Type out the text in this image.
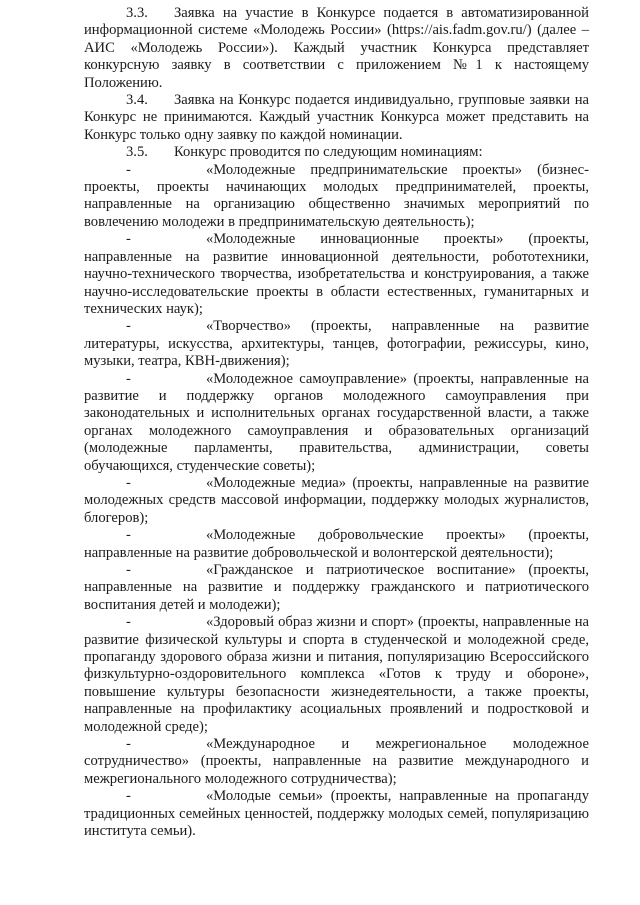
3.3. Заявка на участие в Конкурсе подается в автоматизированной информационной системе «Молодежь России» (https://ais.fadm.gov.ru/) (далее – АИС «Молодежь России»). Каждый участник Конкурса представляет конкурсную заявку в соответствии с приложением №1 к настоящему Положению.

3.4. Заявка на Конкурс подается индивидуально, групповые заявки на Конкурс не принимаются. Каждый участник Конкурса может представить на Конкурс только одну заявку по каждой номинации.

3.5. Конкурс проводится по следующим номинациям:

-	«Молодежные предпринимательские проекты» (бизнес-проекты, проекты начинающих молодых предпринимателей, проекты, направленные на организацию общественно значимых мероприятий по вовлечению молодежи в предпринимательскую деятельность);

-	«Молодежные инновационные проекты» (проекты, направленные на развитие инновационной деятельности, робототехники, научно-технического творчества, изобретательства и конструирования, а также научно-исследовательские проекты в области естественных, гуманитарных и технических наук);

-	«Творчество» (проекты, направленные на развитие литературы, искусства, архитектуры, танцев, фотографии, режиссуры, кино, музыки, театра, КВН-движения);

-	«Молодежное самоуправление» (проекты, направленные на развитие и поддержку органов молодежного самоуправления при законодательных и исполнительных органах государственной власти, а также органах молодежного самоуправления и образовательных организаций (молодежные парламенты, правительства, администрации, советы обучающихся, студенческие советы);

-	«Молодежные медиа» (проекты, направленные на развитие молодежных средств массовой информации, поддержку молодых журналистов, блогеров);

-	«Молодежные добровольческие проекты» (проекты, направленные на развитие добровольческой и волонтерской деятельности);

-	«Гражданское и патриотическое воспитание» (проекты, направленные на развитие и поддержку гражданского и патриотического воспитания детей и молодежи);

-	«Здоровый образ жизни и спорт» (проекты, направленные на развитие физической культуры и спорта в студенческой и молодежной среде, пропаганду здорового образа жизни и питания, популяризацию Всероссийского физкультурно-оздоровительного комплекса «Готов к труду и обороне», повышение культуры безопасности жизнедеятельности, а также проекты, направленные на профилактику асоциальных проявлений и подростковой и молодежной среде);

-	«Международное и межрегиональное молодежное сотрудничество» (проекты, направленные на развитие международного и межрегионального молодежного сотрудничества);

-	«Молодые семьи» (проекты, направленные на пропаганду традиционных семейных ценностей, поддержку молодых семей, популяризацию института семьи).
